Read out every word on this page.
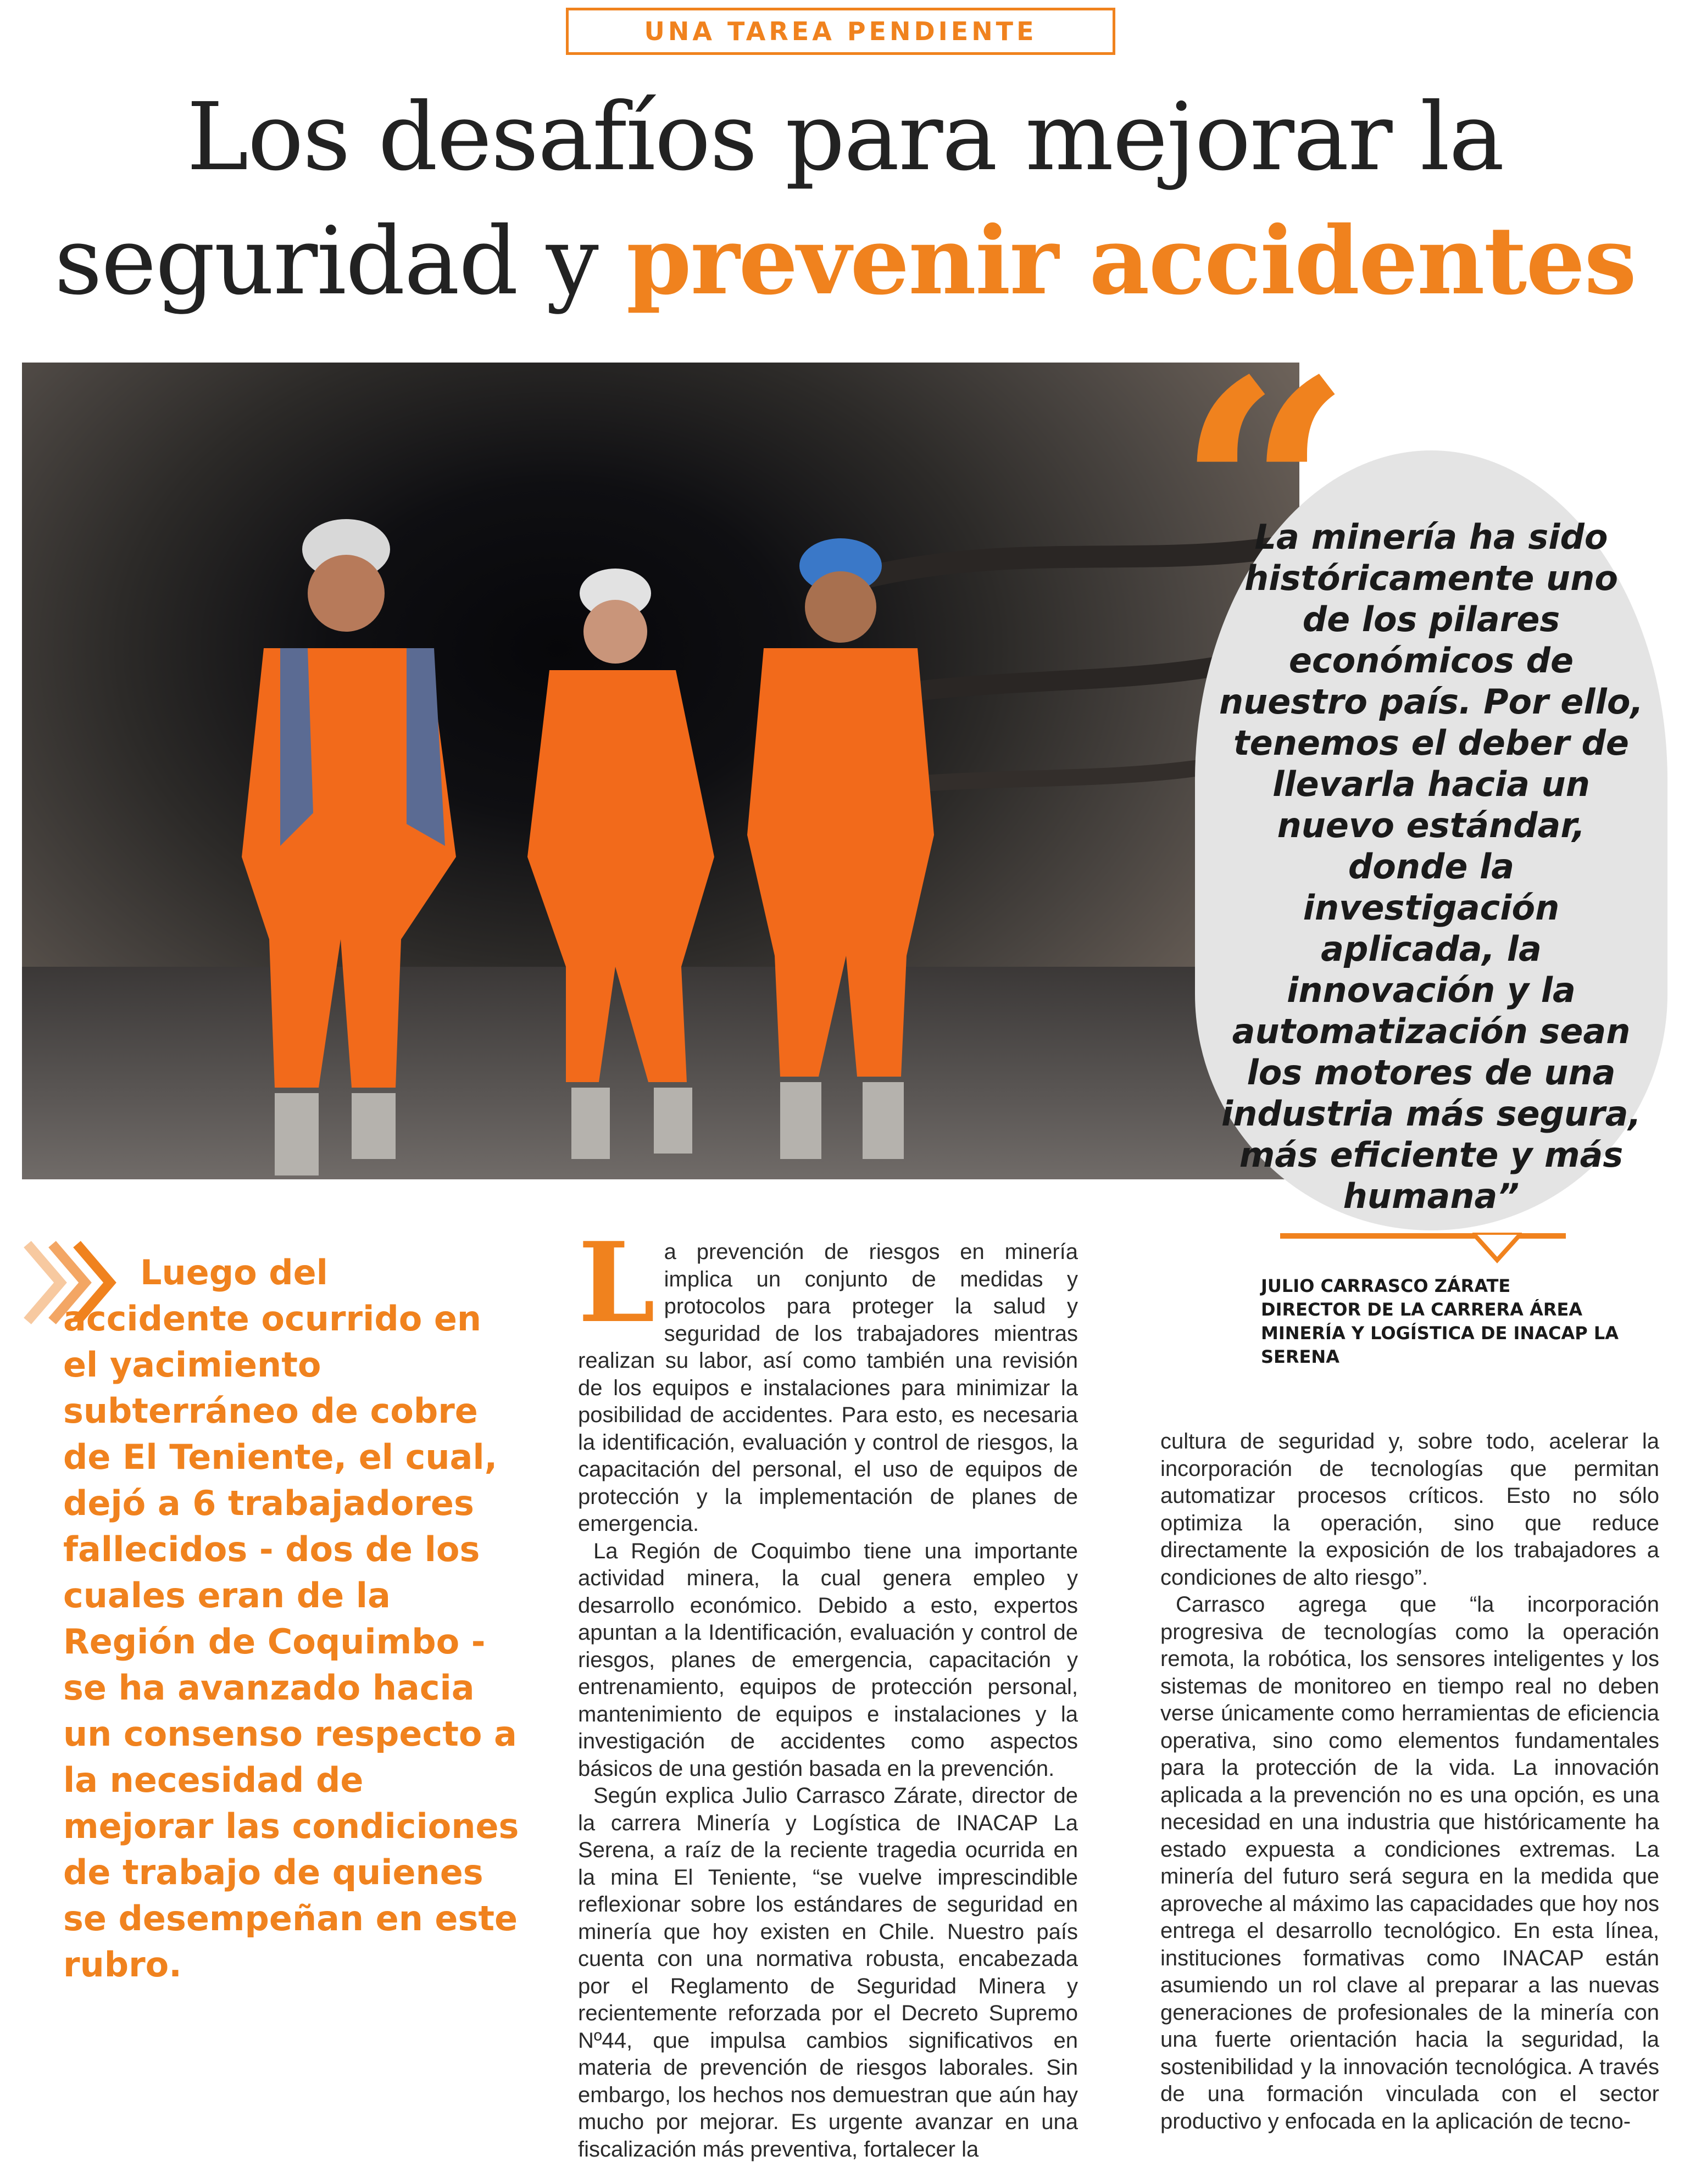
UNA TAREA PENDIENTE
Los desafíos para mejorar la
seguridad y prevenir accidentes
“
La minería ha sido históricamente uno de los pilares económicos de nuestro país. Por ello, tenemos el deber de llevarla hacia un nuevo estándar, donde la investigación aplicada, la innovación y la automatización sean los motores de una industria más segura, más eficiente y más humana”
JULIO CARRASCO ZÁRATE
DIRECTOR DE LA CARRERA ÁREA MINERÍA Y LOGÍSTICA DE INACAP LA SERENA
Luego del accidente ocurrido en el yacimiento subterráneo de cobre de El Teniente, el cual, dejó a 6 trabajadores fallecidos - dos de los cuales eran de la Región de Coquimbo - se ha avanzado hacia un consenso respecto a la necesidad de mejorar las condiciones de trabajo de quienes se desempeñan en este rubro.

La prevención de riesgos en minería implica un conjunto de medidas y protocolos para proteger la salud y seguridad de los trabajadores mientras realizan su labor, así como también una revisión de los equipos e instalaciones para minimizar la posibilidad de accidentes. Para esto, es necesaria la identificación, evaluación y control de riesgos, la capacitación del personal, el uso de equipos de protección y la implementación de planes de emergencia.

La Región de Coquimbo tiene una importante actividad minera, la cual genera empleo y desarrollo económico. Debido a esto, expertos apuntan a la Identificación, evaluación y control de riesgos, planes de emergencia, capacitación y entrenamiento, equipos de protección personal, mantenimiento de equipos e instalaciones y la investigación de accidentes como aspectos básicos de una gestión basada en la prevención.

Según explica Julio Carrasco Zárate, director de la carrera Minería y Logística de INACAP La Serena, a raíz de la reciente tragedia ocurrida en la mina El Teniente, “se vuelve imprescindible reflexionar sobre los estándares de seguridad en minería que hoy existen en Chile. Nuestro país cuenta con una normativa robusta, encabezada por el Reglamento de Seguridad Minera y recientemente reforzada por el Decreto Supremo Nº44, que impulsa cambios significativos en materia de prevención de riesgos laborales. Sin embargo, los hechos nos demuestran que aún hay mucho por mejorar. Es urgente avanzar en una fiscalización más preventiva, fortalecer la

cultura de seguridad y, sobre todo, acelerar la incorporación de tecnologías que permitan automatizar procesos críticos. Esto no sólo optimiza la operación, sino que reduce directamente la exposición de los trabajadores a condiciones de alto riesgo”.

Carrasco agrega que “la incorporación progresiva de tecnologías como la operación remota, la robótica, los sensores inteligentes y los sistemas de monitoreo en tiempo real no deben verse únicamente como herramientas de eficiencia operativa, sino como elementos fundamentales para la protección de la vida. La innovación aplicada a la prevención no es una opción, es una necesidad en una industria que históricamente ha estado expuesta a condiciones extremas. La minería del futuro será segura en la medida que aproveche al máximo las capacidades que hoy nos entrega el desarrollo tecnológico. En esta línea, instituciones formativas como INACAP están asumiendo un rol clave al preparar a las nuevas generaciones de profesionales de la minería con una fuerte orientación hacia la seguridad, la sostenibilidad y la innovación tecnológica. A través de una formación vinculada con el sector productivo y enfocada en la aplicación de tecno-
